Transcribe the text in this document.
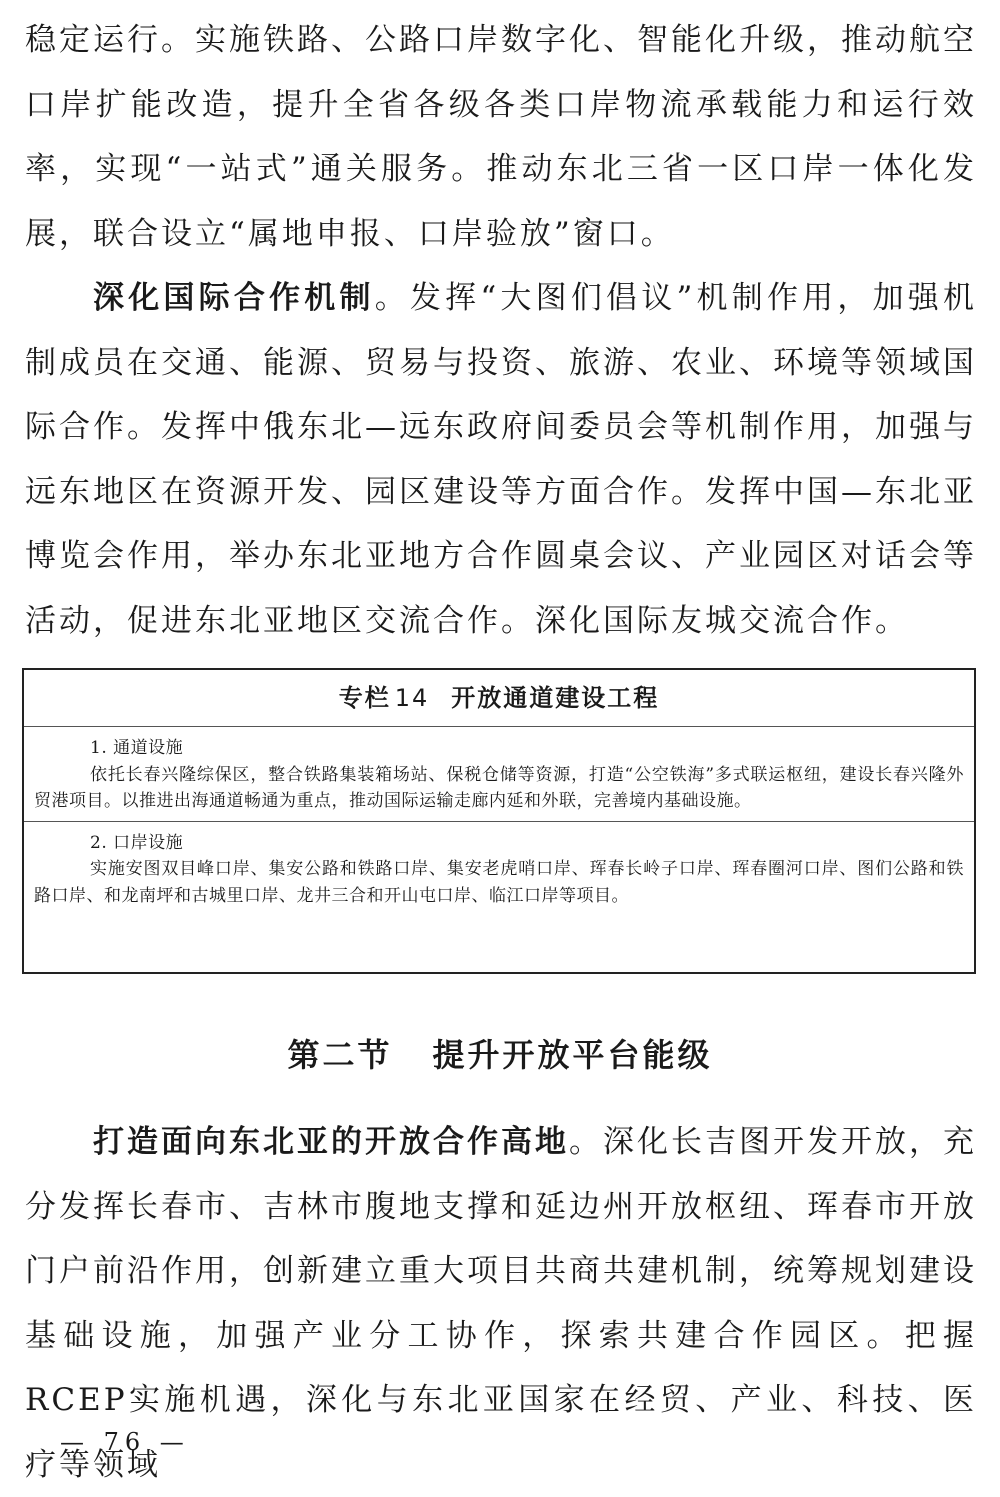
稳定运行。实施铁路、公路口岸数字化、智能化升级，推动航空口岸扩能改造，提升全省各级各类口岸物流承载能力和运行效率，实现“一站式”通关服务。推动东北三省一区口岸一体化发展，联合设立“属地申报、口岸验放”窗口。

深化国际合作机制。发挥“大图们倡议”机制作用，加强机制成员在交通、能源、贸易与投资、旅游、农业、环境等领域国际合作。发挥中俄东北—远东政府间委员会等机制作用，加强与远东地区在资源开发、园区建设等方面合作。发挥中国—东北亚博览会作用，举办东北亚地方合作圆桌会议、产业园区对话会等活动，促进东北亚地区交流合作。深化国际友城交流合作。

专栏 14 开放通道建设工程
1. 通道设施
依托长春兴隆综保区，整合铁路集装箱场站、保税仓储等资源，打造“公空铁海”多式联运枢纽，建设长春兴隆外贸港项目。以推进出海通道畅通为重点，推动国际运输走廊内延和外联，完善境内基础设施。
2. 口岸设施
实施安图双目峰口岸、集安公路和铁路口岸、集安老虎哨口岸、珲春长岭子口岸、珲春圈河口岸、图们公路和铁路口岸、和龙南坪和古城里口岸、龙井三合和开山屯口岸、临江口岸等项目。
第二节 提升开放平台能级

打造面向东北亚的开放合作高地。深化长吉图开发开放，充分发挥长春市、吉林市腹地支撑和延边州开放枢纽、珲春市开放门户前沿作用，创新建立重大项目共商共建机制，统筹规划建设基础设施，加强产业分工协作，探索共建合作园区。把握RCEP实施机遇，深化与东北亚国家在经贸、产业、科技、医疗等领域

— 76 —
